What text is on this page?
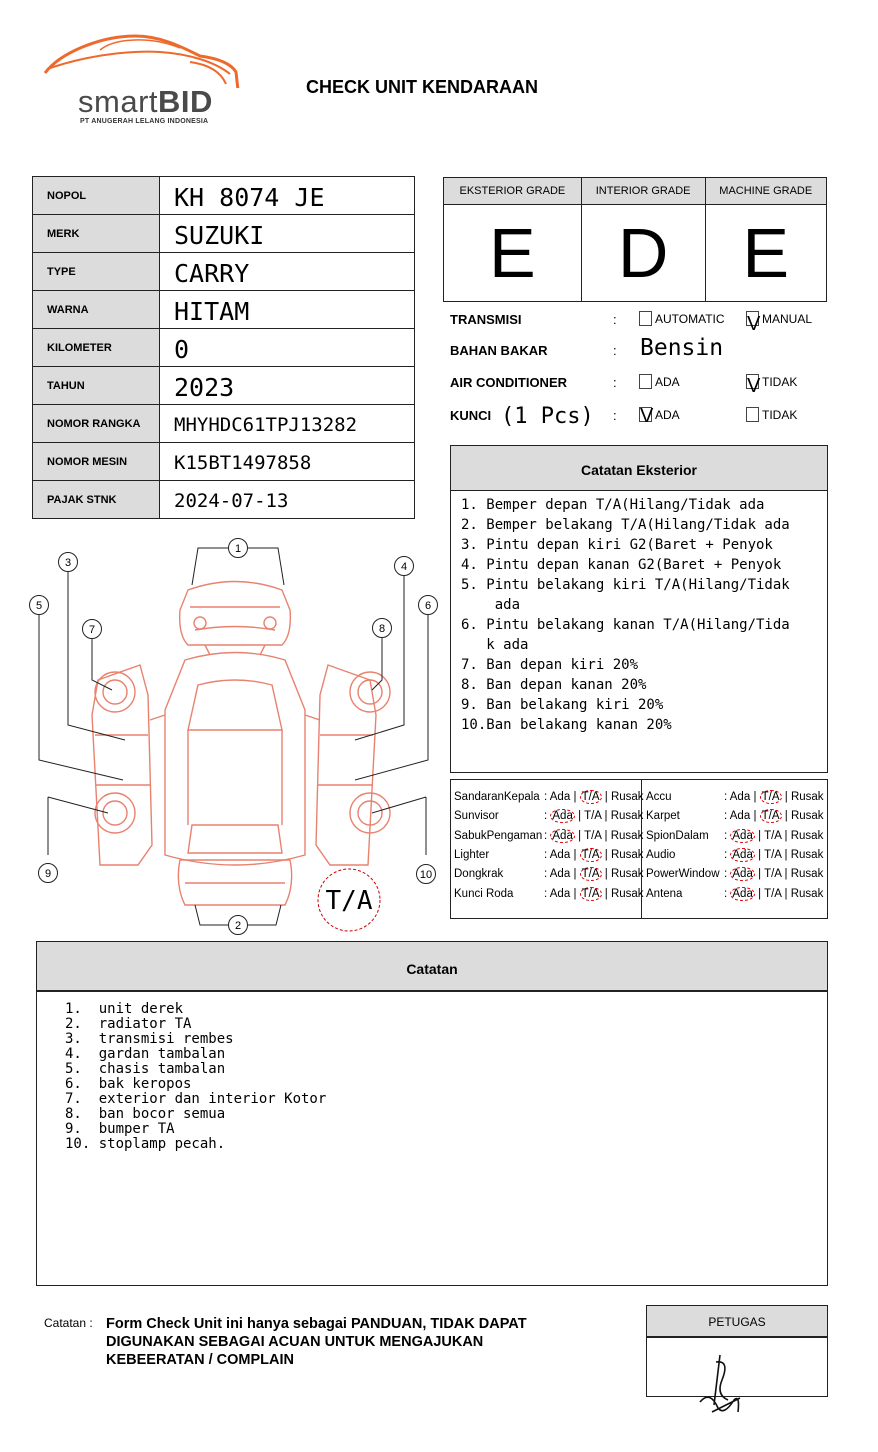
smartBID
PT ANUGERAH LELANG INDONESIA
CHECK UNIT KENDARAAN
NOPOL	KH 8074 JE
MERK	SUZUKI
TYPE	CARRY
WARNA	HITAM
KILOMETER	0
TAHUN	2023
NOMOR RANGKA	MHYHDC61TPJ13282
NOMOR MESIN	K15BT1497858
PAJAK STNK	2024-07-13
EKSTERIOR GRADE	INTERIOR GRADE	MACHINE GRADE
E	D	E
TRANSMISI	:	AUTOMATIC V MANUAL
BAHAN BAKAR	: Bensin
AIR CONDITIONER	:	ADA	V TIDAK
KUNCI (1 Pcs) : V ADA	TIDAK
Catatan Eksterior
1. Bemper depan T/A(Hilang/Tidak ada
2. Bemper belakang T/A(Hilang/Tidak ada
3. Pintu depan kiri G2(Baret + Penyok
4. Pintu depan kanan G2(Baret + Penyok
5. Pintu belakang kiri T/A(Hilang/Tidak
ada
6. Pintu belakang kanan T/A(Hilang/Tida
k ada
7. Ban depan kiri 20%
8. Ban depan kanan 20%
9. Ban belakang kiri 20%
10.Ban belakang kanan 20%
SandaranKepala : Ada | T/A | Rusak
Sunvisor	: Ada | T/A | Rusak
SabukPengaman : Ada | T/A | Rusak
Lighter	: Ada | T/A | Rusak
Dongkrak	: Ada | T/A | Rusak
Kunci Roda	: Ada | T/A | Rusak
Accu	: Ada | T/A | Rusak
Karpet	: Ada | T/A | Rusak
SpionDalam : Ada | T/A | Rusak
Audio	: Ada | T/A | Rusak
PowerWindow : Ada | T/A | Rusak
Antena	: Ada | T/A | Rusak
1
2
3	4
5	6
7	8
9	10
T/A
Catatan
1.  unit derek
2.  radiator TA
3.  transmisi rembes
4.  gardan tambalan
5.  chasis tambalan
6.  bak keropos
7.  exterior dan interior Kotor
8.  ban bocor semua
9.  bumper TA
10. stoplamp pecah.
Catatan : Form Check Unit ini hanya sebagai PANDUAN, TIDAK DAPAT DIGUNAKAN SEBAGAI ACUAN UNTUK MENGAJUKAN KEBEERATAN / COMPLAIN
PETUGAS
